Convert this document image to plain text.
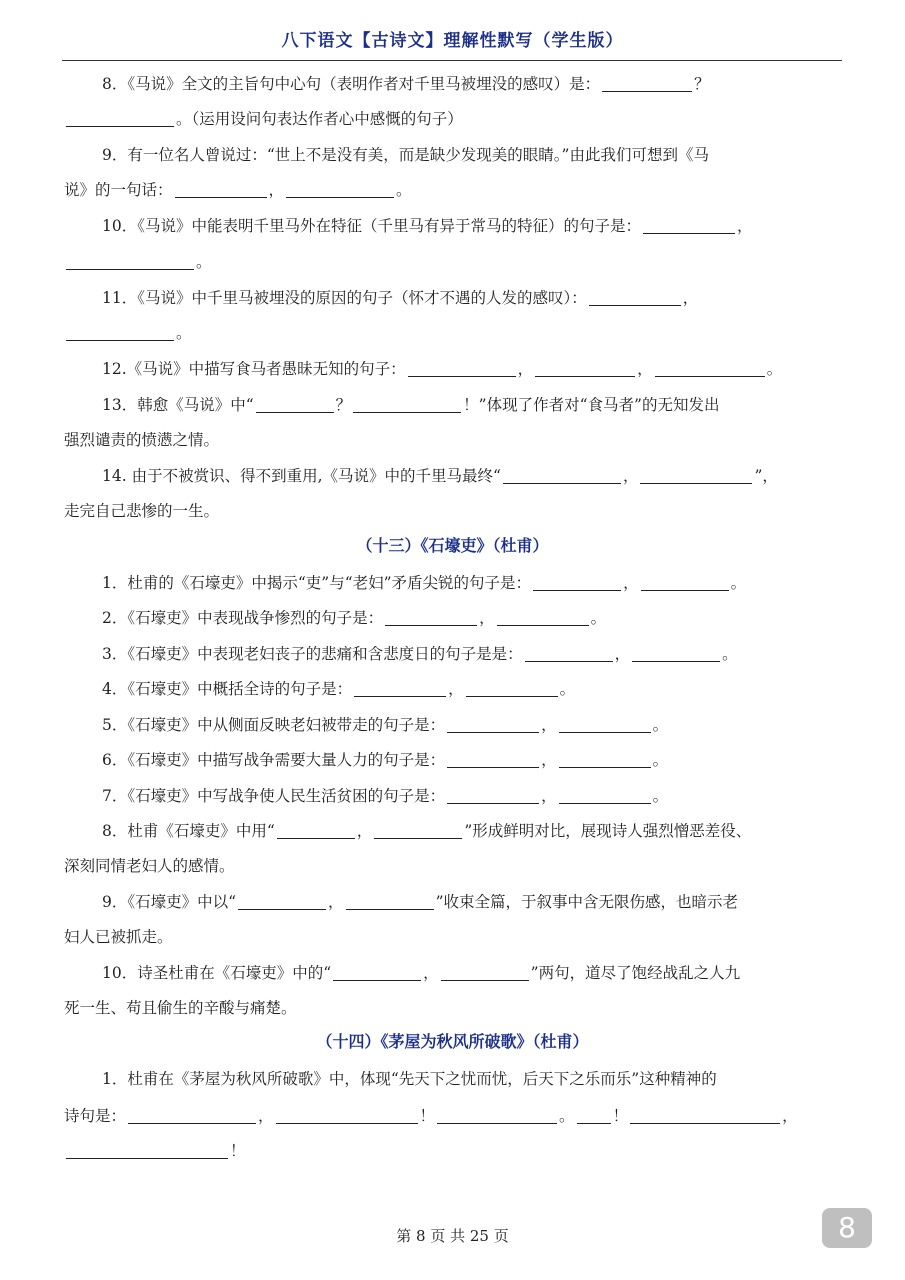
八下语文【古诗文】理解性默写（学生版）
8．《马说》全文的主旨句中心句（表明作者对千里马被埋没的感叹）是：	？
。（运用设问句表达作者心中感慨的句子）
9．有一位名人曾说过：“世上不是没有美，而是缺少发现美的眼睛。”由此我们可想到《马
说》的一句话：	，	。
10．《马说》中能表明千里马外在特征（千里马有异于常马的特征）的句子是：	，
。
11．《马说》中千里马被埋没的原因的句子（怀才不遇的人发的感叹）：	，
。
12.《马说》中描写食马者愚昧无知的句子：	，	，	。
13．韩愈《马说》中“	？	！”体现了作者对“食马者”的无知发出
强烈谴责的愤懑之情。
14. 由于不被赏识、得不到重用,《马说》中的千里马最终“	，	”，
走完自己悲惨的一生。
（十三）《石壕吏》（杜甫）
1．杜甫的《石壕吏》中揭示“吏”与“老妇”矛盾尖锐的句子是：	，	。
2．《石壕吏》中表现战争惨烈的句子是：	，	。
3．《石壕吏》中表现老妇丧子的悲痛和含悲度日的句子是是：	，	。
4．《石壕吏》中概括全诗的句子是：	，	。
5．《石壕吏》中从侧面反映老妇被带走的句子是：	，	。
6．《石壕吏》中描写战争需要大量人力的句子是：	，	。
7．《石壕吏》中写战争使人民生活贫困的句子是：	，	。
8．杜甫《石壕吏》中用“	，	”形成鲜明对比，展现诗人强烈憎恶差役、
深刻同情老妇人的感情。
9．《石壕吏》中以“	，	”收束全篇，于叙事中含无限伤感，也暗示老
妇人已被抓走。
10．诗圣杜甫在《石壕吏》中的“	，	”两句，道尽了饱经战乱之人九
死一生、苟且偷生的辛酸与痛楚。
（十四）《茅屋为秋风所破歌》（杜甫）
1．杜甫在《茅屋为秋风所破歌》中，体现“先天下之忧而忧，后天下之乐而乐”这种精神的
诗句是：	，	！	。 ！	，
！
第 8 页 共 25 页	8
